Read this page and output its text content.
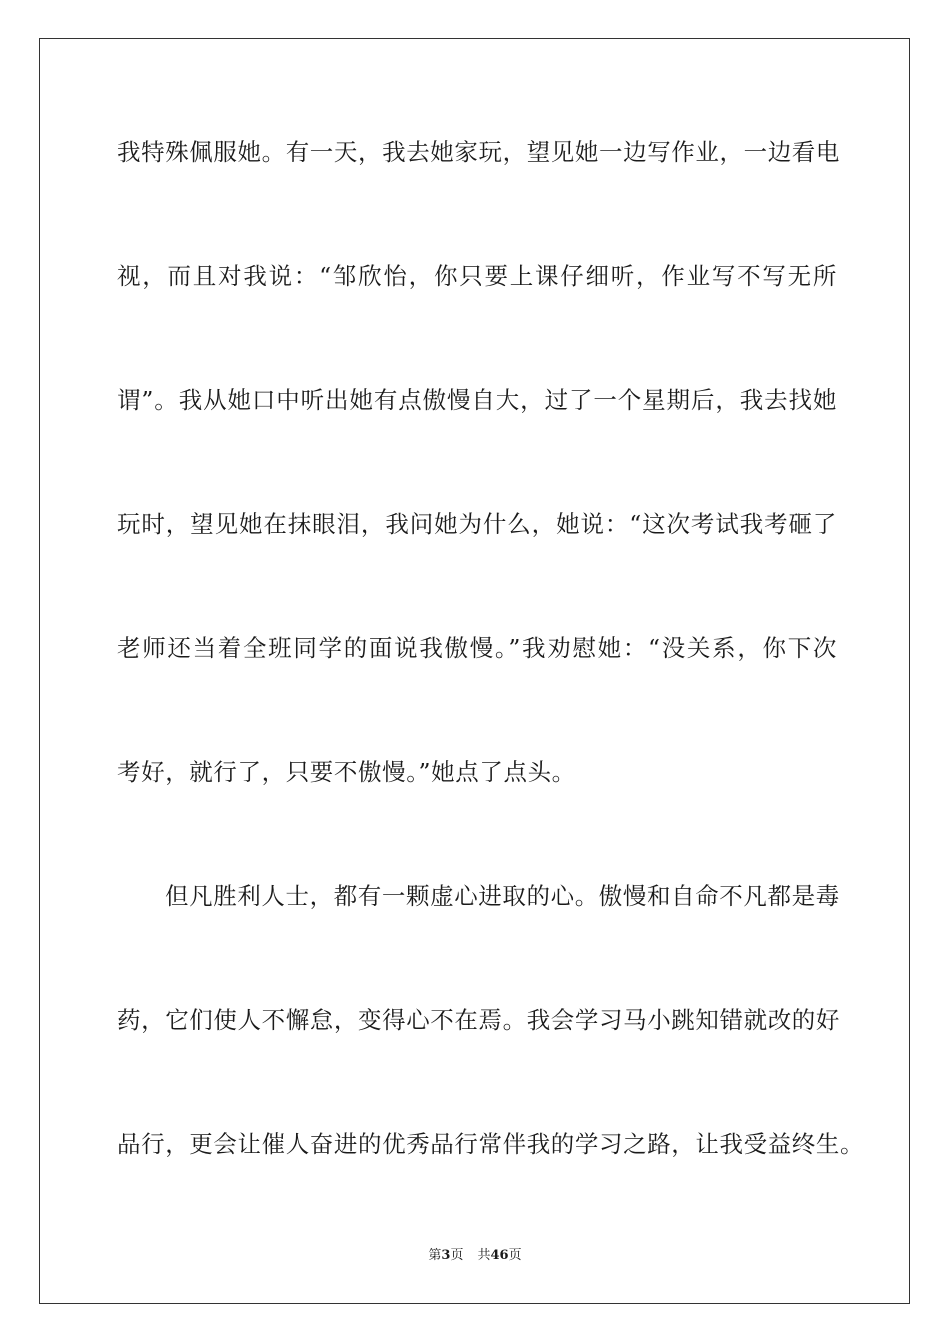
我特殊佩服她。有一天，我去她家玩，望见她一边写作业，一边看电
视，而且对我说：“邹欣怡，你只要上课仔细听，作业写不写无所
谓”。我从她口中听出她有点傲慢自大，过了一个星期后，我去找她
玩时，望见她在抹眼泪，我问她为什么，她说：“这次考试我考砸了
老师还当着全班同学的面说我傲慢。”我劝慰她：“没关系，你下次
考好，就行了，只要不傲慢。”她点了点头。
但凡胜利人士，都有一颗虚心进取的心。傲慢和自命不凡都是毒
药，它们使人不懈怠，变得心不在焉。我会学习马小跳知错就改的好
品行，更会让催人奋进的优秀品行常伴我的学习之路，让我受益终生。
第3页 共46页
